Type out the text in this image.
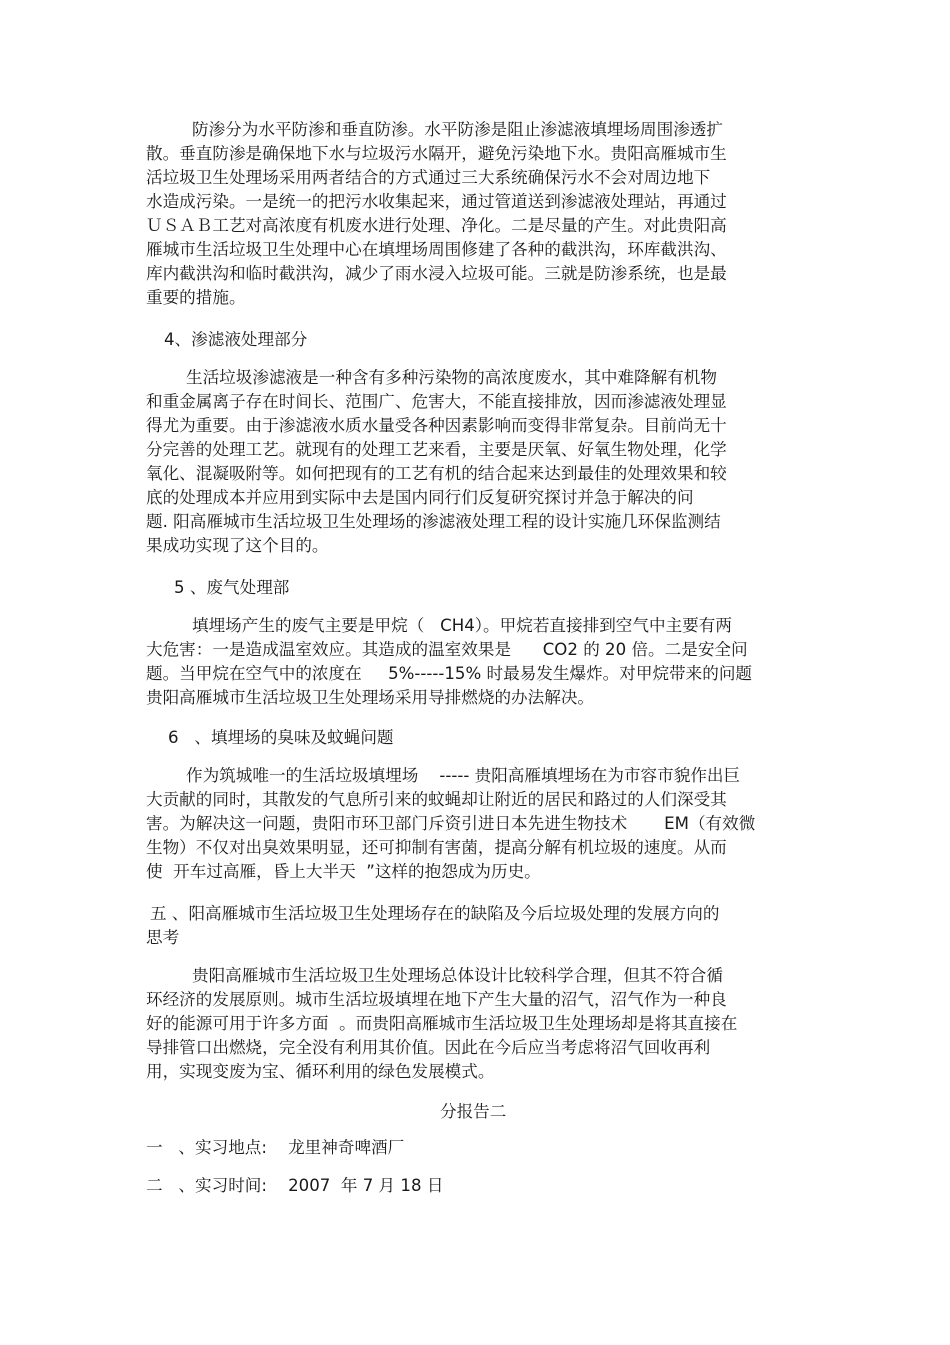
防渗分为水平防渗和垂直防渗。水平防渗是阻止渗滤液填埋场周围渗透扩
散。垂直防渗是确保地下水与垃圾污水隔开，避免污染地下水。贵阳高雁城市生
活垃圾卫生处理场采用两者结合的方式通过三大系统确保污水不会对周边地下
水造成污染。一是统一的把污水收集起来，通过管道送到渗滤液处理站，再通过
ＵＳＡＢ工艺对高浓度有机废水进行处理、净化。二是尽量的产生。对此贵阳高
雁城市生活垃圾卫生处理中心在填埋场周围修建了各种的截洪沟，环库截洪沟、
库内截洪沟和临时截洪沟，减少了雨水浸入垃圾可能。三就是防渗系统，也是最
重要的措施。
4、渗滤液处理部分
生活垃圾渗滤液是一种含有多种污染物的高浓度废水，其中难降解有机物
和重金属离子存在时间长、范围广、危害大，不能直接排放，因而渗滤液处理显
得尤为重要。由于渗滤液水质水量受各种因素影响而变得非常复杂。目前尚无十
分完善的处理工艺。就现有的处理工艺来看，主要是厌氧、好氧生物处理，化学
氧化、混凝吸附等。如何把现有的工艺有机的结合起来达到最佳的处理效果和较
底的处理成本并应用到实际中去是国内同行们反复研究探讨并急于解决的问
题. 阳高雁城市生活垃圾卫生处理场的渗滤液处理工程的设计实施几环保监测结
果成功实现了这个目的。
5 、废气处理部
填埋场产生的废气主要是甲烷（   CH4）。甲烷若直接排到空气中主要有两
大危害：一是造成温室效应。其造成的温室效果是      CO2 的 20 倍。二是安全问
题。当甲烷在空气中的浓度在     5%-----15% 时最易发生爆炸。对甲烷带来的问题
贵阳高雁城市生活垃圾卫生处理场采用导排燃烧的办法解决。
6   、填埋场的臭味及蚊蝇问题
作为筑城唯一的生活垃圾填埋场    ----- 贵阳高雁填埋场在为市容市貌作出巨
大贡献的同时，其散发的气息所引来的蚊蝇却让附近的居民和路过的人们深受其
害。为解决这一问题，贵阳市环卫部门斥资引进日本先进生物技术       EM（有效微
生物）不仅对出臭效果明显，还可抑制有害菌，提高分解有机垃圾的速度。从而
使  开车过高雁，昏上大半天  ”这样的抱怨成为历史。
五 、阳高雁城市生活垃圾卫生处理场存在的缺陷及今后垃圾处理的发展方向的
思考
贵阳高雁城市生活垃圾卫生处理场总体设计比较科学合理，但其不符合循
环经济的发展原则。城市生活垃圾填埋在地下产生大量的沼气，沼气作为一种良
好的能源可用于许多方面  。而贵阳高雁城市生活垃圾卫生处理场却是将其直接在
导排管口出燃烧，完全没有利用其价值。因此在今后应当考虑将沼气回收再利
用，实现变废为宝、循环利用的绿色发展模式。
分报告二
一   、实习地点:    龙里神奇啤酒厂
二   、实习时间:    2007  年 7 月 18 日
